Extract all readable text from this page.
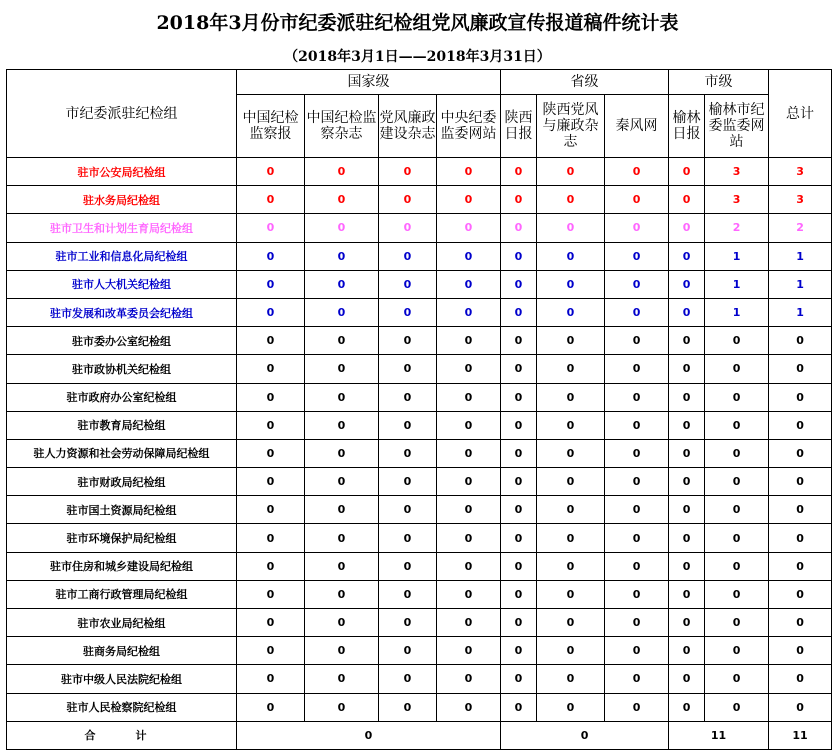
2018年3月份市纪委派驻纪检组党风廉政宣传报道稿件统计表
（2018年3月1日——2018年3月31日）
市纪委派驻纪检组	国家级				省级			市级		总计
	中国纪检监察报	中国纪检监察杂志	党风廉政建设杂志	中央纪委监委网站	陕西日报	陕西党风与廉政杂志	秦风网	榆林日报	榆林市纪委监委网站	
驻市公安局纪检组	0	0	0	0	0	0	0	0	3	3
驻水务局纪检组	0	0	0	0	0	0	0	0	3	3
驻市卫生和计划生育局纪检组	0	0	0	0	0	0	0	0	2	2
驻市工业和信息化局纪检组	0	0	0	0	0	0	0	0	1	1
驻市人大机关纪检组	0	0	0	0	0	0	0	0	1	1
驻市发展和改革委员会纪检组	0	0	0	0	0	0	0	0	1	1
驻市委办公室纪检组	0	0	0	0	0	0	0	0	0	0
驻市政协机关纪检组	0	0	0	0	0	0	0	0	0	0
驻市政府办公室纪检组	0	0	0	0	0	0	0	0	0	0
驻市教育局纪检组	0	0	0	0	0	0	0	0	0	0
驻人力资源和社会劳动保障局纪检组	0	0	0	0	0	0	0	0	0	0
驻市财政局纪检组	0	0	0	0	0	0	0	0	0	0
驻市国土资源局纪检组	0	0	0	0	0	0	0	0	0	0
驻市环境保护局纪检组	0	0	0	0	0	0	0	0	0	0
驻市住房和城乡建设局纪检组	0	0	0	0	0	0	0	0	0	0
驻市工商行政管理局纪检组	0	0	0	0	0	0	0	0	0	0
驻市农业局纪检组	0	0	0	0	0	0	0	0	0	0
驻商务局纪检组	0	0	0	0	0	0	0	0	0	0
驻市中级人民法院纪检组	0	0	0	0	0	0	0	0	0	0
驻市人民检察院纪检组	0	0	0	0	0	0	0	0	0	0
合计	0				0			11		11
